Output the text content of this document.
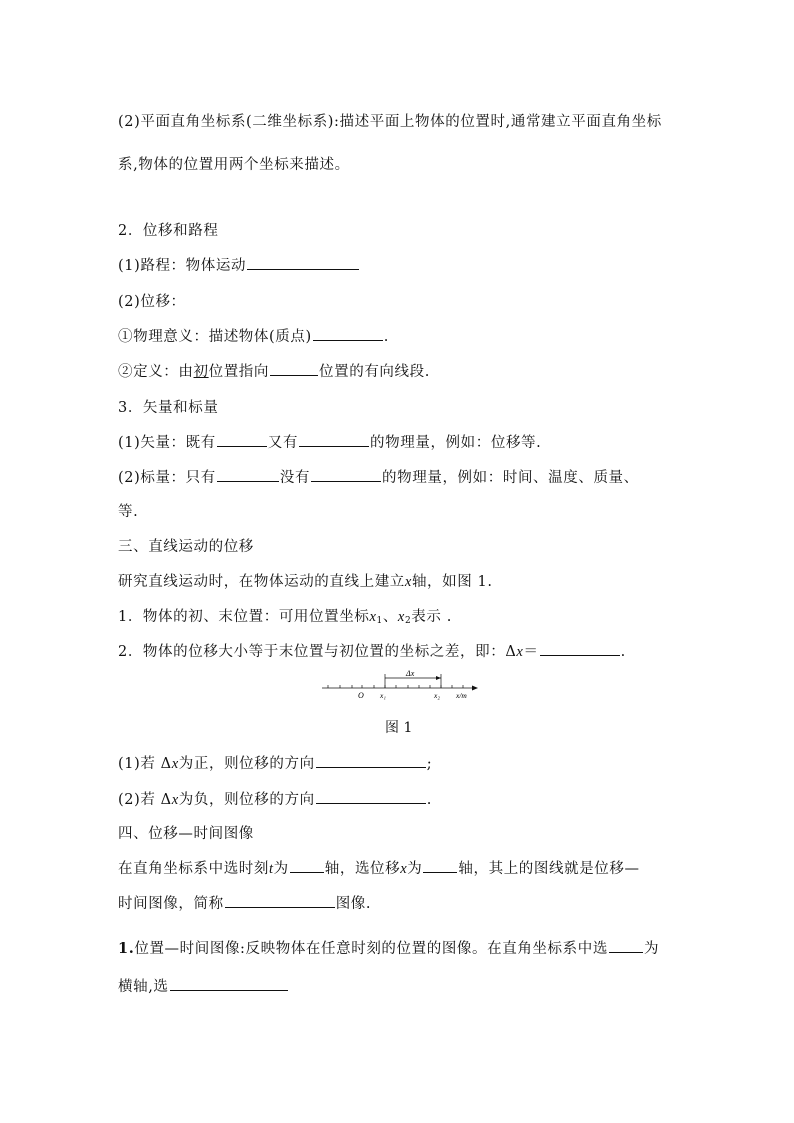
(2)平面直角坐标系(二维坐标系):描述平面上物体的位置时,通常建立平面直角坐标
系,物体的位置用两个坐标来描述。
2．位移和路程
(1)路程：物体运动
(2)位移：
①物理意义：描述物体(质点)	.
②定义：由初位置指向	位置的有向线段.
3．矢量和标量
(1)矢量：既有	又有	的物理量，例如：位移等.
(2)标量：只有	没有	的物理量，例如：时间、温度、质量、
等.
三、直线运动的位移
研究直线运动时，在物体运动的直线上建立x轴，如图 1.
1．物体的初、末位置：可用位置坐标$x_1$、$x_2$表示 .
2．物体的位移大小等于末位置与初位置的坐标之差，即：Δx＝	.
Δx
O x₁	x₂ x/m
图 1
(1)若 Δx为正，则位移的方向	;
(2)若 Δx为负，则位移的方向	.
四、位移—时间图像
在直角坐标系中选时刻t为 轴，选位移x为 轴，其上的图线就是位移—
时间图像，简称	图像.
1.位置—时间图像:反映物体在任意时刻的位置的图像。在直角坐标系中选 为
横轴,选
